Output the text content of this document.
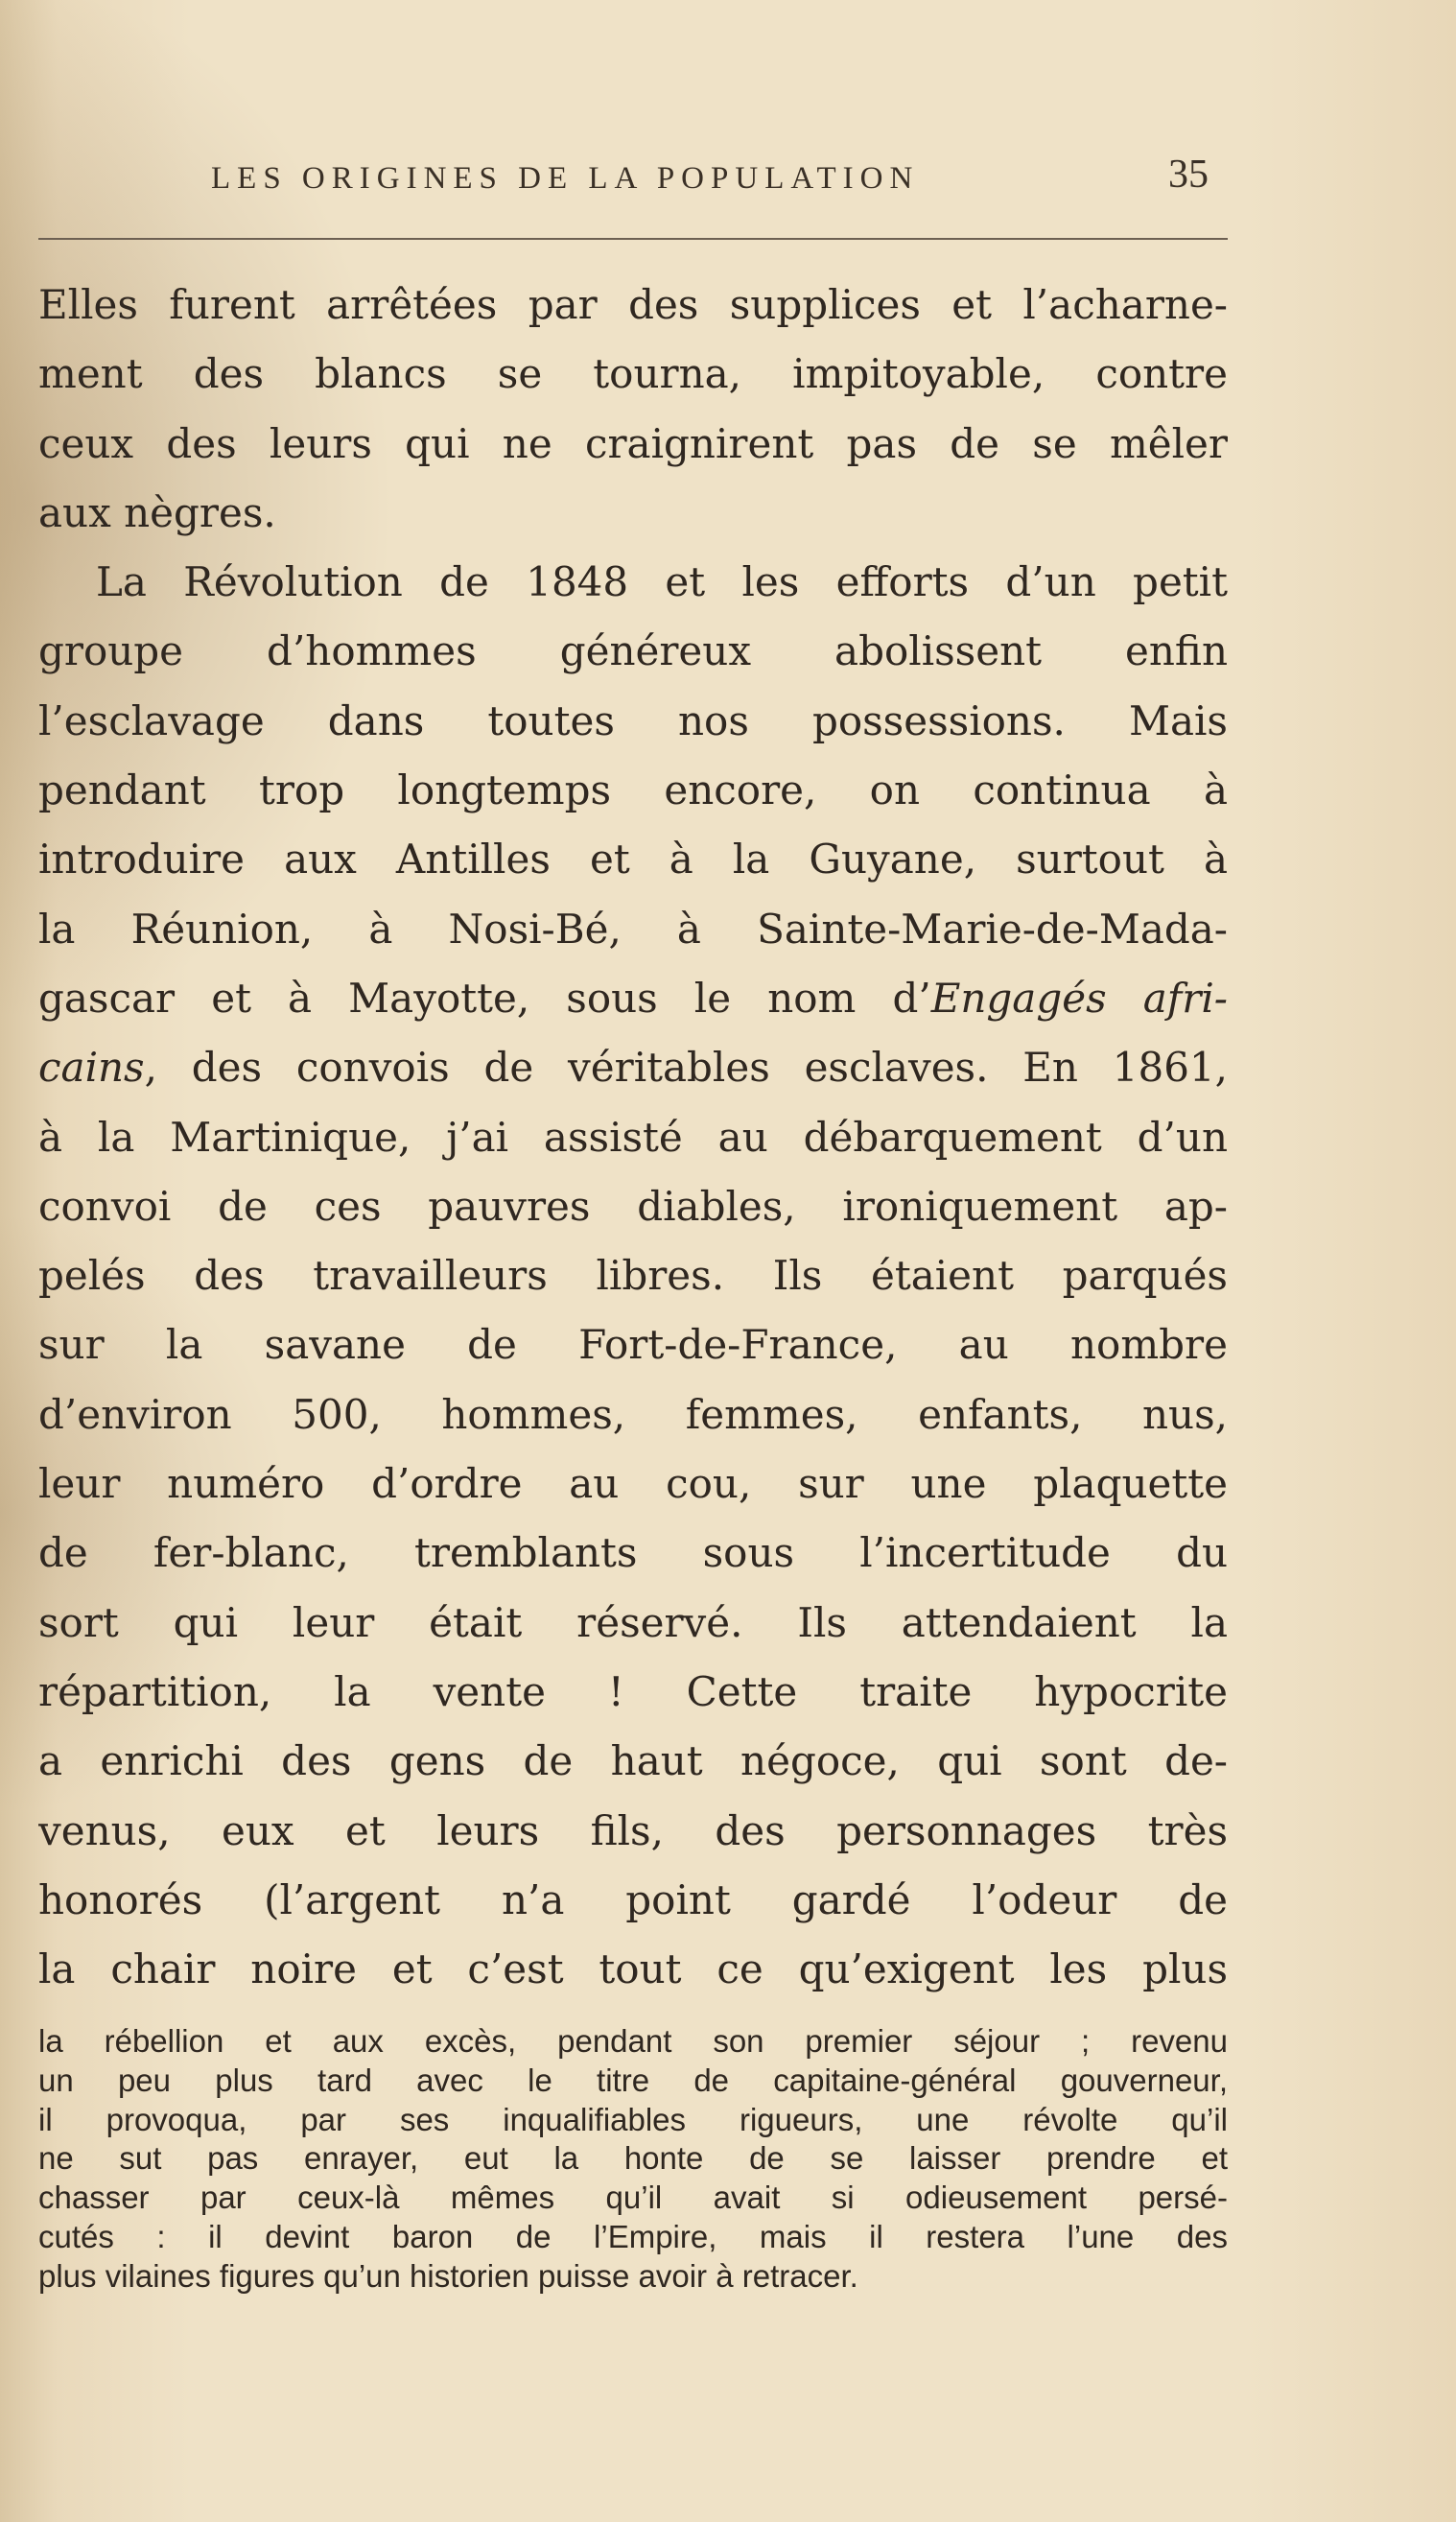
LES ORIGINES DE LA POPULATION	35
Elles furent arrêtées par des supplices et l’acharne-
ment des blancs se tourna, impitoyable, contre
ceux des leurs qui ne craignirent pas de se mêler
aux nègres.
La Révolution de 1848 et les efforts d’un petit
groupe d’hommes généreux abolissent enfin
l’esclavage dans toutes nos possessions. Mais
pendant trop longtemps encore, on continua à
introduire aux Antilles et à la Guyane, surtout à
la Réunion, à Nosi-Bé, à Sainte-Marie-de-Mada-
gascar et à Mayotte, sous le nom d’Engagés afri-
cains, des convois de véritables esclaves. En 1861,
à la Martinique, j’ai assisté au débarquement d’un
convoi de ces pauvres diables, ironiquement ap-
pelés des travailleurs libres. Ils étaient parqués
sur la savane de Fort-de-France, au nombre
d’environ 500, hommes, femmes, enfants, nus,
leur numéro d’ordre au cou, sur une plaquette
de fer-blanc, tremblants sous l’incertitude du
sort qui leur était réservé. Ils attendaient la
répartition, la vente ! Cette traite hypocrite
a enrichi des gens de haut négoce, qui sont de-
venus, eux et leurs fils, des personnages très
honorés (l’argent n’a point gardé l’odeur de
la chair noire et c’est tout ce qu’exigent les plus
la rébellion et aux excès, pendant son premier séjour ; revenu
un peu plus tard avec le titre de capitaine-général gouverneur,
il provoqua, par ses inqualifiables rigueurs, une révolte qu’il
ne sut pas enrayer, eut la honte de se laisser prendre et
chasser par ceux-là mêmes qu’il avait si odieusement persé-
cutés : il devint baron de l’Empire, mais il restera l’une des
plus vilaines figures qu’un historien puisse avoir à retracer.
